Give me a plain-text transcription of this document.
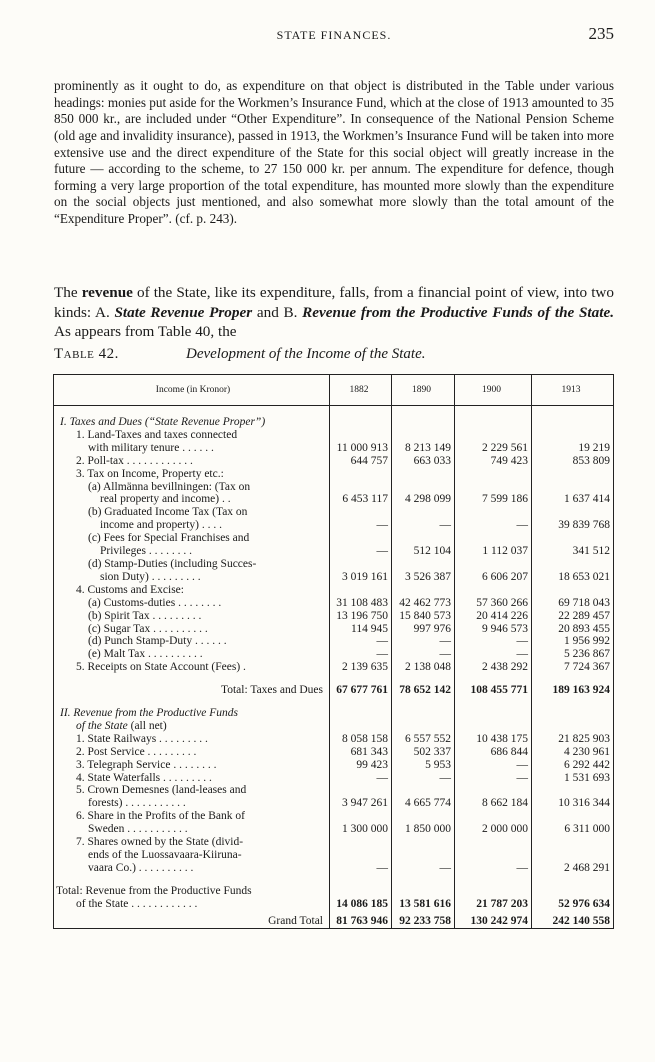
STATE FINANCES.	235

prominently as it ought to do, as expenditure on that object is distributed in the Table under various headings: monies put aside for the Workmen’s Insurance Fund, which at the close of 1913 amounted to 35 850 000 kr., are included under “Other Expenditure”. In consequence of the National Pension Scheme (old age and invalidity insurance), passed in 1913, the Workmen’s Insurance Fund will be taken into more extensive use and the direct expenditure of the State for this social object will greatly increase in the future — according to the scheme, to 27 150 000 kr. per annum. The expenditure for defence, though forming a very large proportion of the total expenditure, has mounted more slowly than the expenditure on the social objects just mentioned, and also somewhat more slowly than the total amount of the “Expenditure Proper”. (cf. p. 243).

The revenue of the State, like its expenditure, falls, from a financial point of view, into two kinds: A. State Revenue Proper and B. Revenue from the Productive Funds of the State. As appears from Table 40, the

Table 42.	Development of the Income of the State.
Income (in Kronor)	1882	1890	1900	1913

I. Taxes and Dues (“State Revenue Proper”)				
1. Land-Taxes and taxes connected				
with military tenure . . . . . .	11 000 913	8 213 149	2 229 561	19 219
2. Poll-tax . . . . . . . . . . . .	644 757	663 033	749 423	853 809
3. Tax on Income, Property etc.:				
(a) Allmänna bevillningen: (Tax on				
real property and income) . .	6 453 117	4 298 099	7 599 186	1 637 414
(b) Graduated Income Tax (Tax on				
income and property) . . . .	—	—	—	39 839 768
(c) Fees for Special Franchises and				
Privileges . . . . . . . .	—	512 104	1 112 037	341 512
(d) Stamp-Duties (including Succes-				
sion Duty) . . . . . . . . .	3 019 161	3 526 387	6 606 207	18 653 021
4. Customs and Excise:				
(a) Customs-duties . . . . . . . .	31 108 483	42 462 773	57 360 266	69 718 043
(b) Spirit Tax . . . . . . . . .	13 196 750	15 840 573	20 414 226	22 289 457
(c) Sugar Tax . . . . . . . . . .	114 945	997 976	9 946 573	20 893 455
(d) Punch Stamp-Duty . . . . . .	—	—	—	1 956 992
(e) Malt Tax . . . . . . . . . .	—	—	—	5 236 867
5. Receipts on State Account (Fees) .	2 139 635	2 138 048	2 438 292	7 724 367

Total: Taxes and Dues	67 677 761	78 652 142	108 455 771	189 163 924

II. Revenue from the Productive Funds				
of the State (all net)				
1. State Railways . . . . . . . . .	8 058 158	6 557 552	10 438 175	21 825 903
2. Post Service . . . . . . . . .	681 343	502 337	686 844	4 230 961
3. Telegraph Service . . . . . . . .	99 423	5 953	—	6 292 442
4. State Waterfalls . . . . . . . . .	—	—	—	1 531 693
5. Crown Demesnes (land-leases and				
forests) . . . . . . . . . . .	3 947 261	4 665 774	8 662 184	10 316 344
6. Share in the Profits of the Bank of				
Sweden . . . . . . . . . . .	1 300 000	1 850 000	2 000 000	6 311 000
7. Shares owned by the State (divid-				
ends of the Luossavaara-Kiiruna-				
vaara Co.) . . . . . . . . . .	—	—	—	2 468 291

Total: Revenue from the Productive Funds				
of the State . . . . . . . . . . . .	14 086 185	13 581 616	21 787 203	52 976 634
Grand Total	81 763 946	92 233 758	130 242 974	242 140 558
